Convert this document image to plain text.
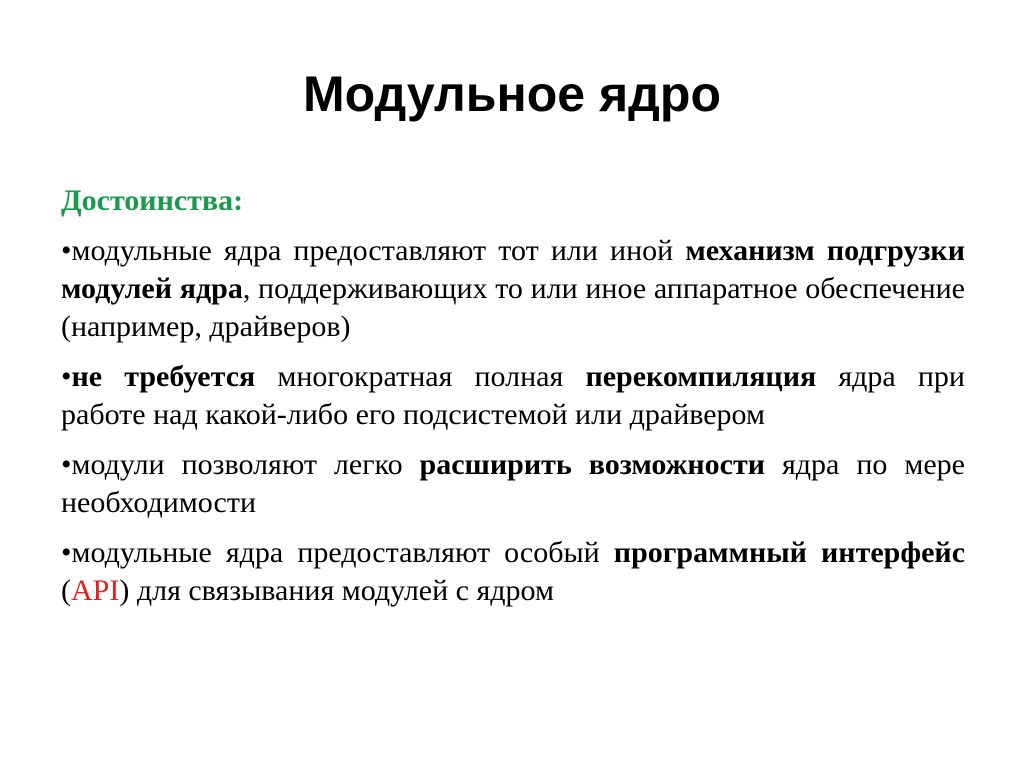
Модульное ядро
Достоинства:
•модульные ядра предоставляют тот или иной механизм подгрузки модулей ядра, поддерживающих то или иное аппаратное обеспечение (например, драйверов)
•не требуется многократная полная перекомпиляция ядра при работе над какой-либо его подсистемой или драйвером
•модули позволяют легко расширить возможности ядра по мере необходимости
•модульные ядра предоставляют особый программный интерфейс (API) для связывания модулей с ядром
